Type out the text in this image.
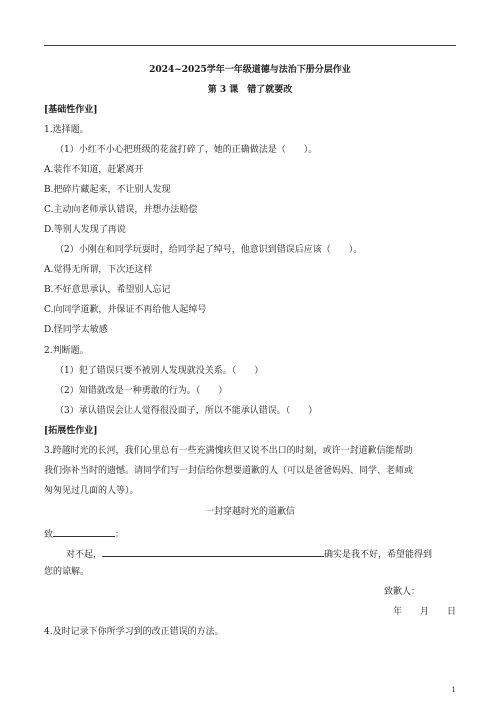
2024~2025学年一年级道德与法治下册分层作业
第 3 课　错了就要改
[基础性作业]
1.选择题。
（1）小红不小心把班级的花盆打碎了，她的正确做法是（　　）。
A.装作不知道，赶紧离开
B.把碎片藏起来，不让别人发现
C.主动向老师承认错误，并想办法赔偿
D.等别人发现了再说
（2）小刚在和同学玩耍时，给同学起了绰号，他意识到错误后应该（　　）。
A.觉得无所谓，下次还这样
B.不好意思承认，希望别人忘记
C.向同学道歉，并保证不再给他人起绰号
D.怪同学太敏感
2.判断题。
（1）犯了错误只要不被别人发现就没关系。（　　）
（2）知错就改是一种勇敢的行为。（　　）
（3）承认错误会让人觉得很没面子，所以不能承认错误。（　　）
[拓展性作业]
3.跨越时光的长河，我们心里总有一些充满愧疚但又说不出口的时刻，或许一封道歉信能帮助
我们弥补当时的遗憾。请同学们写一封信给你想要道歉的人（可以是爸爸妈妈、同学、老师或
匆匆见过几面的人等）。
一封穿越时光的道歉信
致	：
对不起，	确实是我不好，希望能得到
您的谅解。
致歉人：
年　　月　　日
4.及时记录下你所学习到的改正错误的方法。
1
